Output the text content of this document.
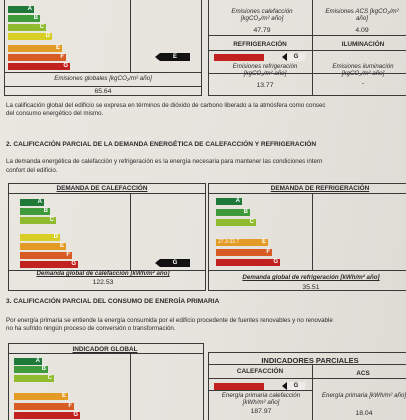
A
B
C
D
E
F
G
E
Emisiones globales [kgCO₂/m² año]
65.64
Emisiones calefacción [kgCO₂/m² año]
47.79
Emisiones ACS [kgCO₂/m² año]
4.09
REFRIGERACIÓN	ILUMINACIÓN
G
Emisiones refrigeración [kgCO₂/m² año]
13.77
Emisiones iluminación [kgCO₂/m² año]
-
La calificación global del edificio se expresa en términos de dióxido de carbono liberado a la atmósfera como consec
del consumo energético del mismo.
2. CALIFICACIÓN PARCIAL DE LA DEMANDA ENERGÉTICA DE CALEFACCIÓN Y REFRIGERACIÓN
La demanda energética de calefacción y refrigeración es la energía necesaria para mantener las condiciones intern
confort del edificio.
DEMANDA DE CALEFACCIÓN
A
B
C
D
E
F
G
Demanda global de calefacción [kWh/m² año]
122.53
DEMANDA DE REFRIGERACIÓN
A
B
C
E
27.3-33.7
F
G
Demanda global de refrigeración [kWh/m² año]
35.51
3. CALIFICACIÓN PARCIAL DEL CONSUMO DE ENERGÍA PRIMARIA
Por energía primaria se entiende la energía consumida por el edificio procedente de fuentes renovables y no renovable
no ha sufrido ningún proceso de conversión o transformación.
INDICADOR GLOBAL
A
B
C
E
F
G
INDICADORES PARCIALES
CALEFACCIÓN	ACS
G
Energía primaria calefacción [kWh/m² año]
187.97
Energía primaria [kWh/m² año]
18.04
G
